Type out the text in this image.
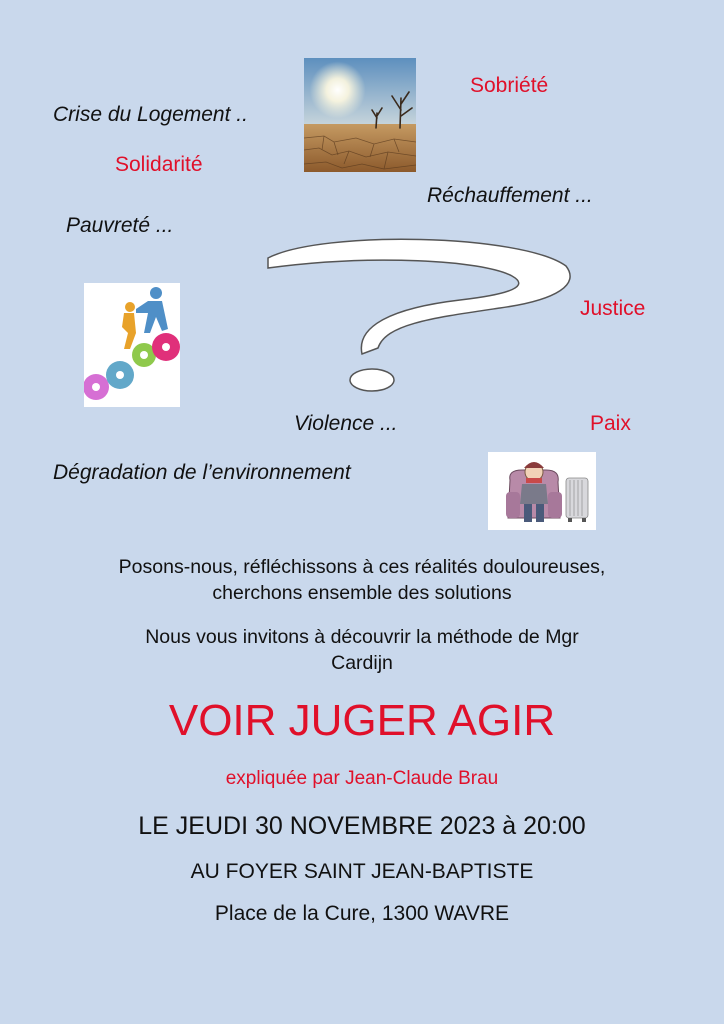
Crise du Logement ..
Sobriété
Solidarité
Réchauffement ...
Pauvreté ...
Justice
Violence ...	Paix
Dégradation de l’environnement
Posons-nous, réfléchissons à ces réalités douloureuses,
cherchons ensemble des solutions
Nous vous invitons à découvrir la méthode de Mgr
Cardijn
VOIR JUGER AGIR
expliquée par Jean-Claude Brau
LE JEUDI 30 NOVEMBRE 2023 à 20:00
AU FOYER SAINT JEAN-BAPTISTE
Place de la Cure, 1300 WAVRE
